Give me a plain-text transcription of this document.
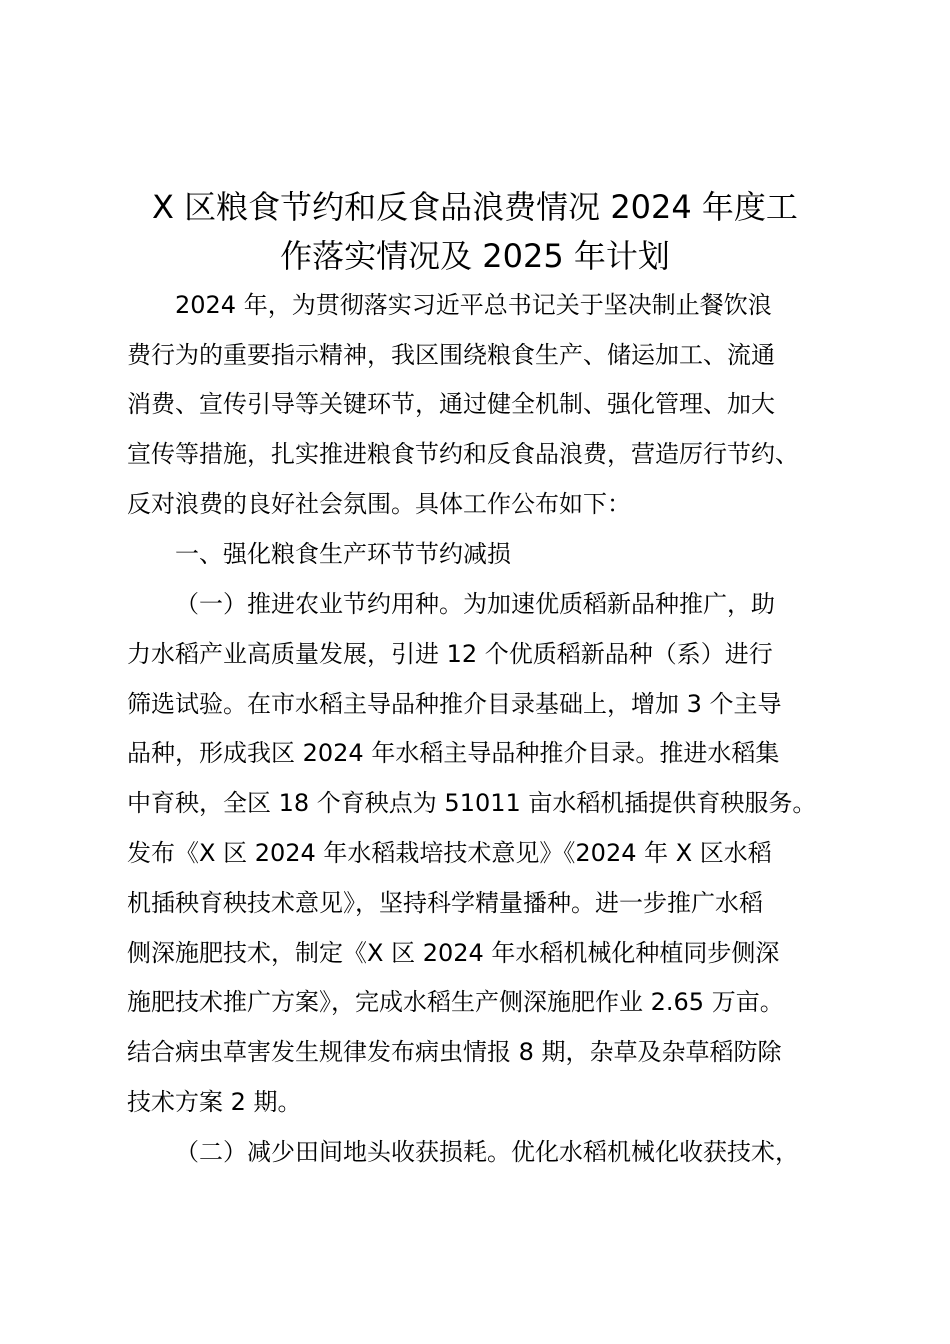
X 区粮食节约和反食品浪费情况 2024 年度工
作落实情况及 2025 年计划
2024 年，为贯彻落实习近平总书记关于坚决制止餐饮浪
费行为的重要指示精神，我区围绕粮食生产、储运加工、流通
消费、宣传引导等关键环节，通过健全机制、强化管理、加大
宣传等措施，扎实推进粮食节约和反食品浪费，营造厉行节约、
反对浪费的良好社会氛围。具体工作公布如下：
一、强化粮食生产环节节约减损
（一）推进农业节约用种。为加速优质稻新品种推广，助
力水稻产业高质量发展，引进 12 个优质稻新品种（系）进行
筛选试验。在市水稻主导品种推介目录基础上，增加 3 个主导
品种，形成我区 2024 年水稻主导品种推介目录。推进水稻集
中育秧，全区 18 个育秧点为 51011 亩水稻机插提供育秧服务。
发布《X 区 2024 年水稻栽培技术意见》《2024 年 X 区水稻
机插秧育秧技术意见》，坚持科学精量播种。进一步推广水稻
侧深施肥技术，制定《X 区 2024 年水稻机械化种植同步侧深
施肥技术推广方案》，完成水稻生产侧深施肥作业 2.65 万亩。
结合病虫草害发生规律发布病虫情报 8 期，杂草及杂草稻防除
技术方案 2 期。
（二）减少田间地头收获损耗。优化水稻机械化收获技术，
